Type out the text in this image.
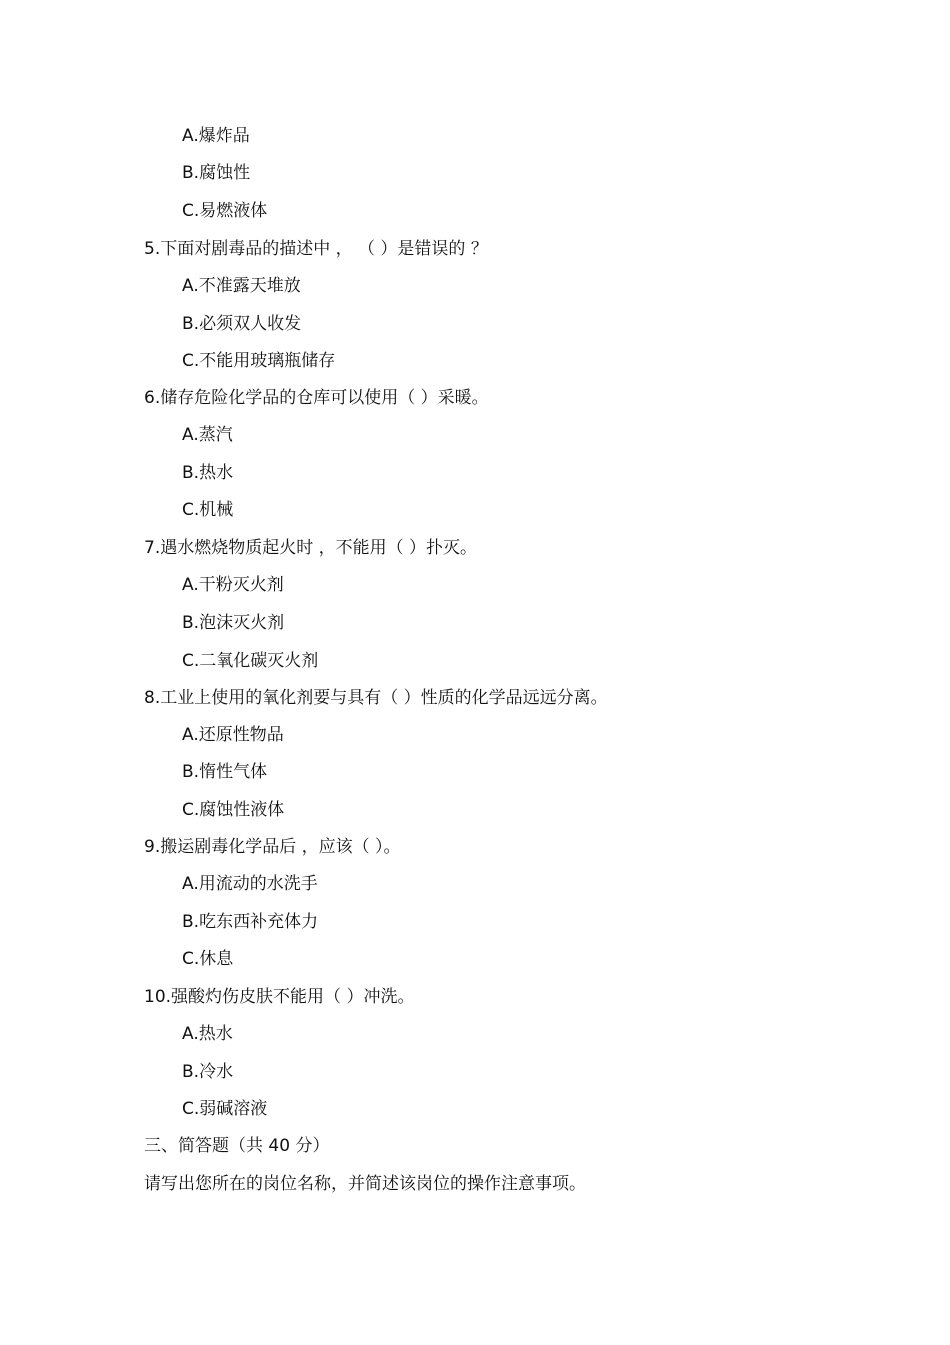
A.爆炸品
B.腐蚀性
C.易燃液体
5.下面对剧毒品的描述中 ， （ ）是错误的 ？
A.不准露天堆放
B.必须双人收发
C.不能用玻璃瓶储存
6.储存危险化学品的仓库可以使用（ ）采暖。
A.蒸汽
B.热水
C.机械
7.遇水燃烧物质起火时 ，不能用（ ）扑灭。
A.干粉灭火剂
B.泡沫灭火剂
C.二氧化碳灭火剂
8.工业上使用的氧化剂要与具有（ ）性质的化学品远远分离。
A.还原性物品
B.惰性气体
C.腐蚀性液体
9.搬运剧毒化学品后 ，应该（ ）。
A.用流动的水洗手
B.吃东西补充体力
C.休息
10.强酸灼伤皮肤不能用（ ）冲洗。
A.热水
B.冷水
C.弱碱溶液
三、简答题（共 40 分）
请写出您所在的岗位名称，并简述该岗位的操作注意事项。
